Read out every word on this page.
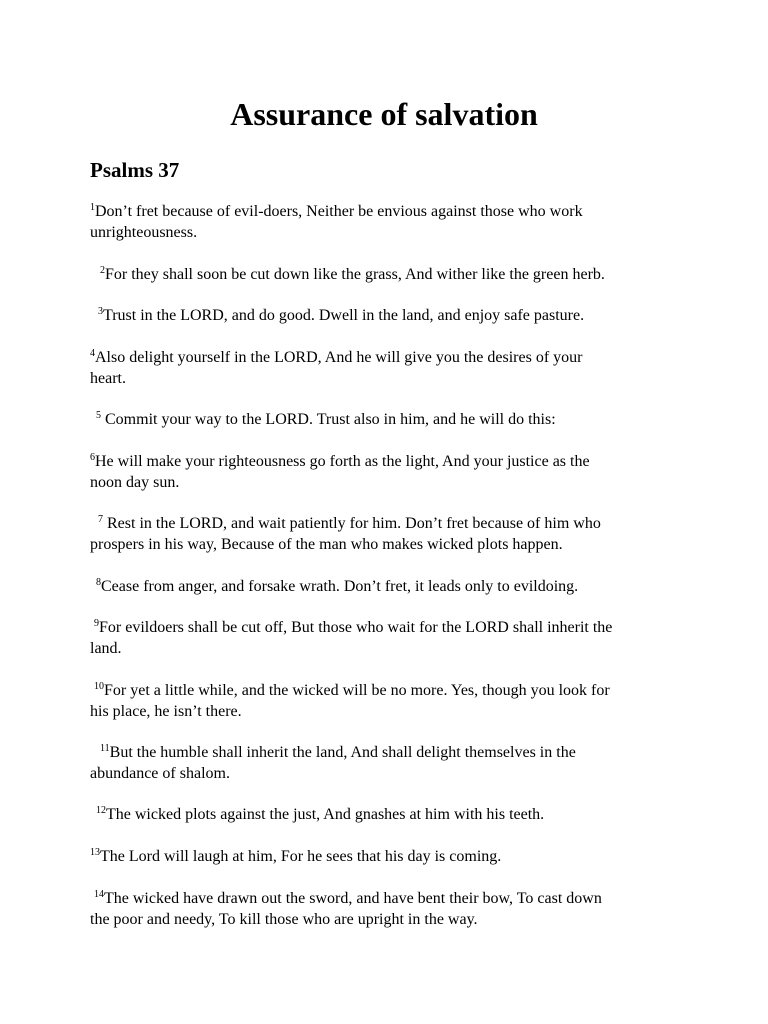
Assurance of salvation
Psalms 37

$^1$Don’t fret because of evil-doers, Neither be envious against those who work
unrighteousness.

$^2$For they shall soon be cut down like the grass, And wither like the green herb.

$^3$Trust in the LORD, and do good. Dwell in the land, and enjoy safe pasture.

$^4$Also delight yourself in the LORD, And he will give you the desires of your
heart.

$^5$ Commit your way to the LORD. Trust also in him, and he will do this:

$^6$He will make your righteousness go forth as the light, And your justice as the
noon day sun.

$^7$ Rest in the LORD, and wait patiently for him. Don’t fret because of him who
prospers in his way, Because of the man who makes wicked plots happen.

$^8$Cease from anger, and forsake wrath. Don’t fret, it leads only to evildoing.

$^9$For evildoers shall be cut off, But those who wait for the LORD shall inherit the
land.

$^{10}$For yet a little while, and the wicked will be no more. Yes, though you look for
his place, he isn’t there.

$^{11}$But the humble shall inherit the land, And shall delight themselves in the
abundance of shalom.

$^{12}$The wicked plots against the just, And gnashes at him with his teeth.

$^{13}$The Lord will laugh at him, For he sees that his day is coming.

$^{14}$The wicked have drawn out the sword, and have bent their bow, To cast down
the poor and needy, To kill those who are upright in the way.
